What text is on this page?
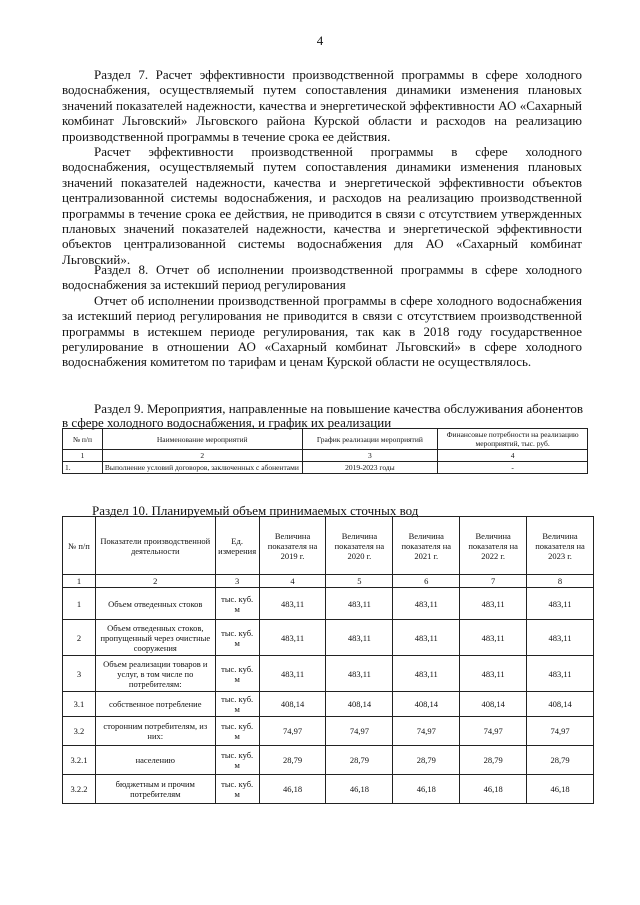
4

Раздел 7. Расчет эффективности производственной программы в сфере холодного водоснабжения, осуществляемый путем сопоставления динамики изменения плановых значений показателей надежности, качества и энергетической эффективности АО «Сахарный комбинат Льговский» Льговского района Курской области и расходов на реализацию производственной программы в течение срока ее действия.

Расчет эффективности производственной программы в сфере холодного водоснабжения, осуществляемый путем сопоставления динамики изменения плановых значений показателей надежности, качества и энергетической эффективности объектов централизованной системы водоснабжения, и расходов на реализацию производственной программы в течение срока ее действия, не приводится в связи с отсутствием утвержденных плановых значений показателей надежности, качества и энергетической эффективности объектов централизованной системы водоснабжения для АО «Сахарный комбинат Льговский».

Раздел 8. Отчет об исполнении производственной программы в сфере холодного водоснабжения за истекший период регулирования

Отчет об исполнении производственной программы в сфере холодного водоснабжения за истекший период регулирования не приводится в связи с отсутствием производственной программы в истекшем периоде регулирования, так как в 2018 году государственное регулирование в отношении АО «Сахарный комбинат Льговский» в сфере холодного водоснабжения комитетом по тарифам и ценам Курской области не осуществлялось.

Раздел 9. Мероприятия, направленные на повышение качества обслуживания абонентов

в сфере холодного водоснабжения, и график их реализации

№ п/п	Наименование мероприятий	График реализации мероприятий	Финансовые потребности на реализацию мероприятий, тыс. руб.
1	2	3	4
1.	Выполнение условий договоров, заключенных с абонентами	2019-2023 годы	-
Раздел 10. Планируемый объем принимаемых сточных вод
№ п/п	Показатели производственной деятельности	Ед. измерения	Величина показателя на 2019 г.	Величина показателя на 2020 г.	Величина показателя на 2021 г.	Величина показателя на 2022 г.	Величина показателя на 2023 г.
1	2	3	4	5	6	7	8
1	Объем отведенных стоков	тыс. куб. м	483,11	483,11	483,11	483,11	483,11
2	Объем отведенных стоков, пропущенный через очистные сооружения	тыс. куб. м	483,11	483,11	483,11	483,11	483,11
3	Объем реализации товаров и услуг, в том числе по потребителям:	тыс. куб. м	483,11	483,11	483,11	483,11	483,11
3.1	собственное потребление	тыс. куб. м	408,14	408,14	408,14	408,14	408,14
3.2	сторонним потребителям, из них:	тыс. куб. м	74,97	74,97	74,97	74,97	74,97
3.2.1	населению	тыс. куб. м	28,79	28,79	28,79	28,79	28,79
3.2.2	бюджетным и прочим потребителям	тыс. куб. м	46,18	46,18	46,18	46,18	46,18
